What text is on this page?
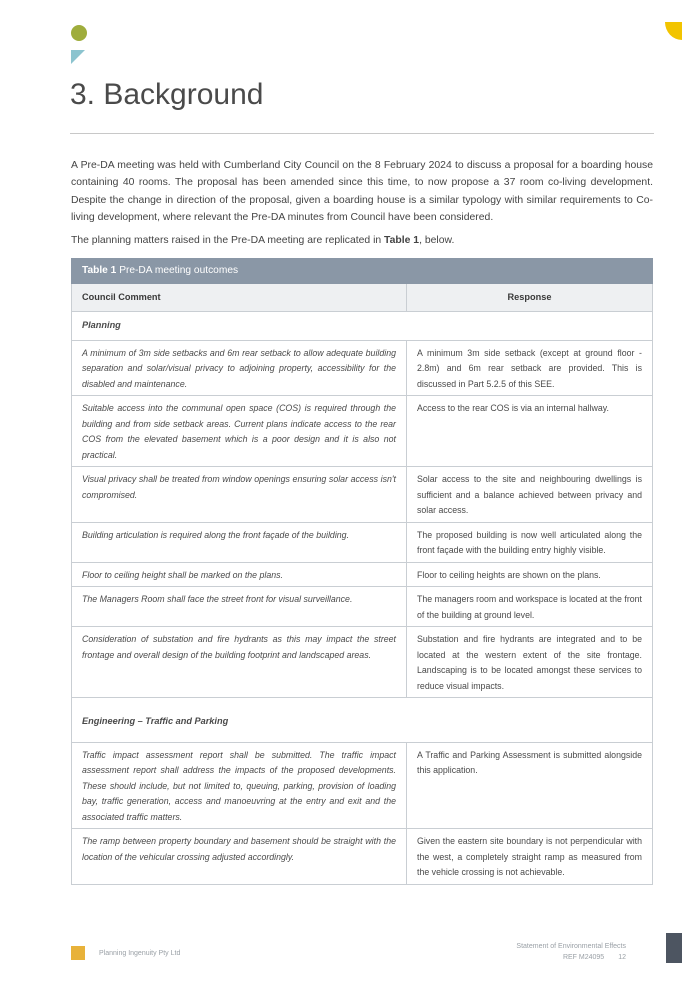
3. Background

A Pre-DA meeting was held with Cumberland City Council on the 8 February 2024 to discuss a proposal for a boarding house containing 40 rooms. The proposal has been amended since this time, to now propose a 37 room co-living development. Despite the change in direction of the proposal, given a boarding house is a similar typology with similar requirements to Co-living development, where relevant the Pre-DA minutes from Council have been considered.

The planning matters raised in the Pre-DA meeting are replicated in Table 1, below.

Table 1 Pre-DA meeting outcomes	
Council Comment	Response
Planning	
A minimum of 3m side setbacks and 6m rear setback to allow adequate building separation and solar/visual privacy to adjoining property, accessibility for the disabled and maintenance.	A minimum 3m side setback (except at ground floor - 2.8m) and 6m rear setback are provided. This is discussed in Part 5.2.5 of this SEE.
Suitable access into the communal open space (COS) is required through the building and from side setback areas. Current plans indicate access to the rear COS from the elevated basement which is a poor design and it is also not practical.	Access to the rear COS is via an internal hallway.
Visual privacy shall be treated from window openings ensuring solar access isn't compromised.	Solar access to the site and neighbouring dwellings is sufficient and a balance achieved between privacy and solar access.
Building articulation is required along the front façade of the building.	The proposed building is now well articulated along the front façade with the building entry highly visible.
Floor to ceiling height shall be marked on the plans.	Floor to ceiling heights are shown on the plans.
The Managers Room shall face the street front for visual surveillance.	The managers room and workspace is located at the front of the building at ground level.
Consideration of substation and fire hydrants as this may impact the street frontage and overall design of the building footprint and landscaped areas.	Substation and fire hydrants are integrated and to be located at the western extent of the site frontage. Landscaping is to be located amongst these services to reduce visual impacts.
Engineering – Traffic and Parking	
Traffic impact assessment report shall be submitted. The traffic impact assessment report shall address the impacts of the proposed developments. These should include, but not limited to, queuing, parking, provision of loading bay, traffic generation, access and manoeuvring at the entry and exit and the associated traffic matters.	A Traffic and Parking Assessment is submitted alongside this application.
The ramp between property boundary and basement should be straight with the location of the vehicular crossing adjusted accordingly.	Given the eastern site boundary is not perpendicular with the west, a completely straight ramp as measured from the vehicle crossing is not achievable.
Planning Ingenuity Pty Ltd
Statement of Environmental Effects
REF M24095 12
